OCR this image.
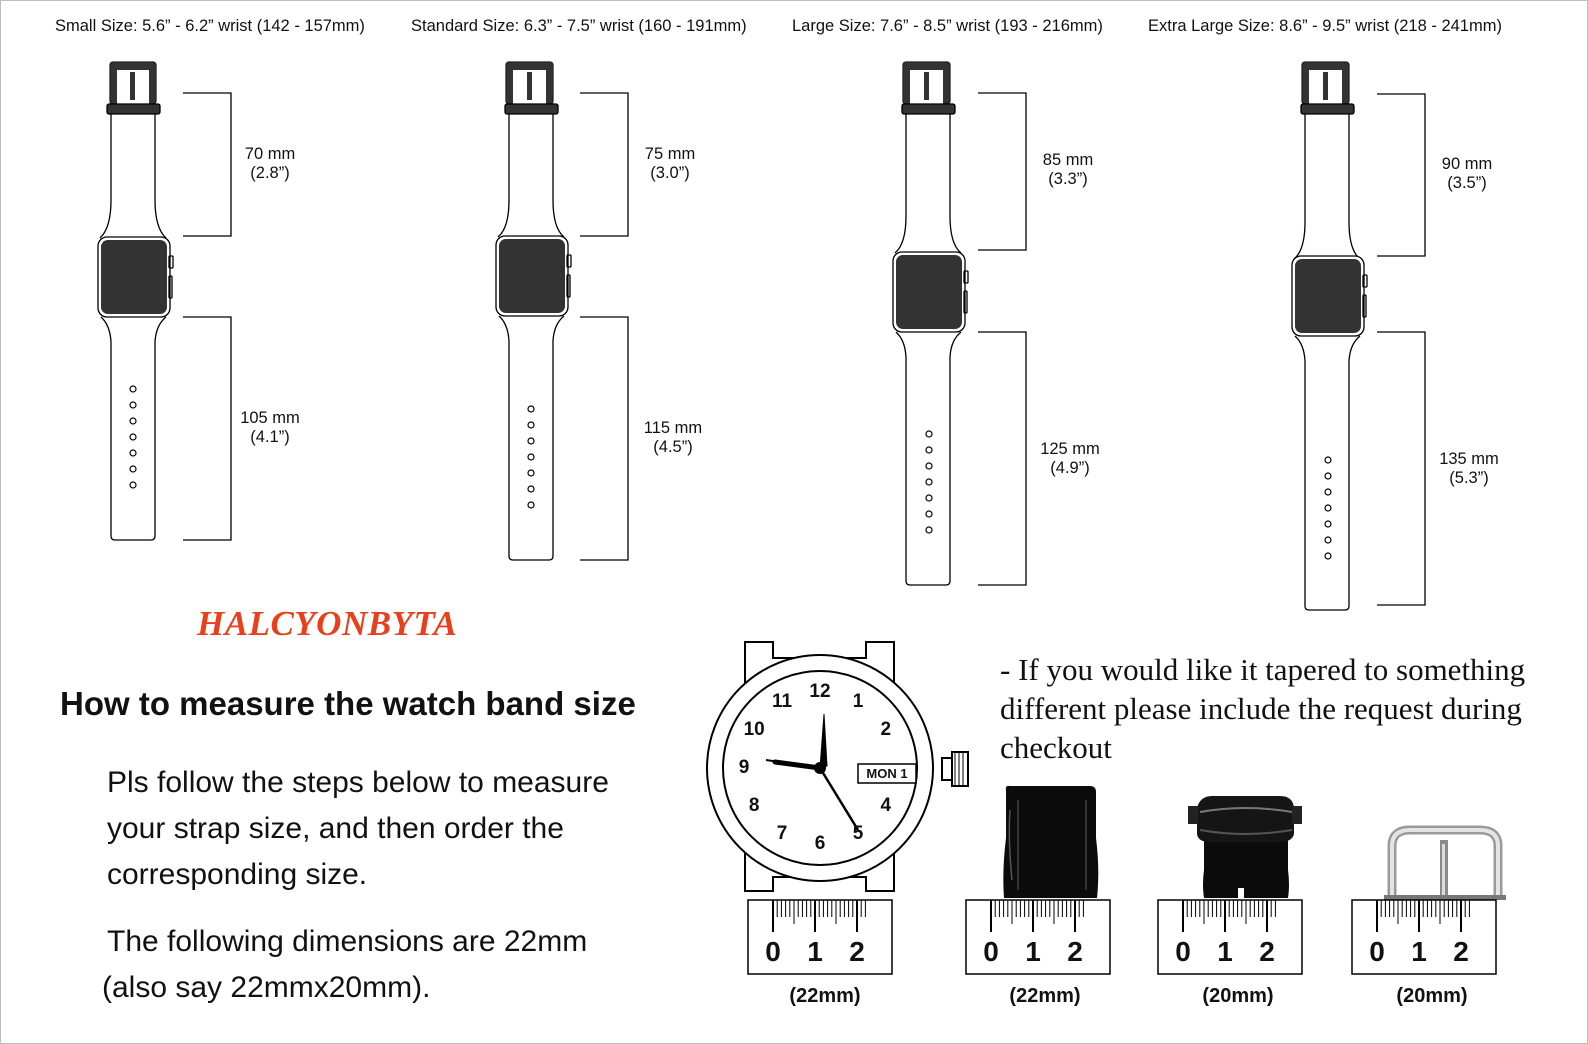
Small Size: 5.6” - 6.2” wrist (142 - 157mm)	Standard Size: 6.3” - 7.5” wrist (160 - 191mm)	Large Size: 7.6” - 8.5” wrist (193 - 216mm)	Extra Large Size: 8.6” - 9.5” wrist (218 - 241mm)
70 mm
(2.8”)
105 mm
(4.1”)
75 mm
(3.0”)
115 mm
(4.5”)
85 mm
(3.3”)
125 mm
(4.9”)
90 mm
(3.5”)
135 mm
(5.3”)
HALCYONBYTA
How to measure the watch band size
Pls follow the steps below to measure
your strap size, and then order the
corresponding size.
The following dimensions are 22mm
(also say 22mmx20mm).
- If you would like it tapered to something
different please include the request during
checkout
12	1
2
4
5
6
7
8
9
10
11
MON 1
0 1 2	0 1 2	0 1 2	0 1 2
(22mm)	(22mm)	(20mm)	(20mm)
